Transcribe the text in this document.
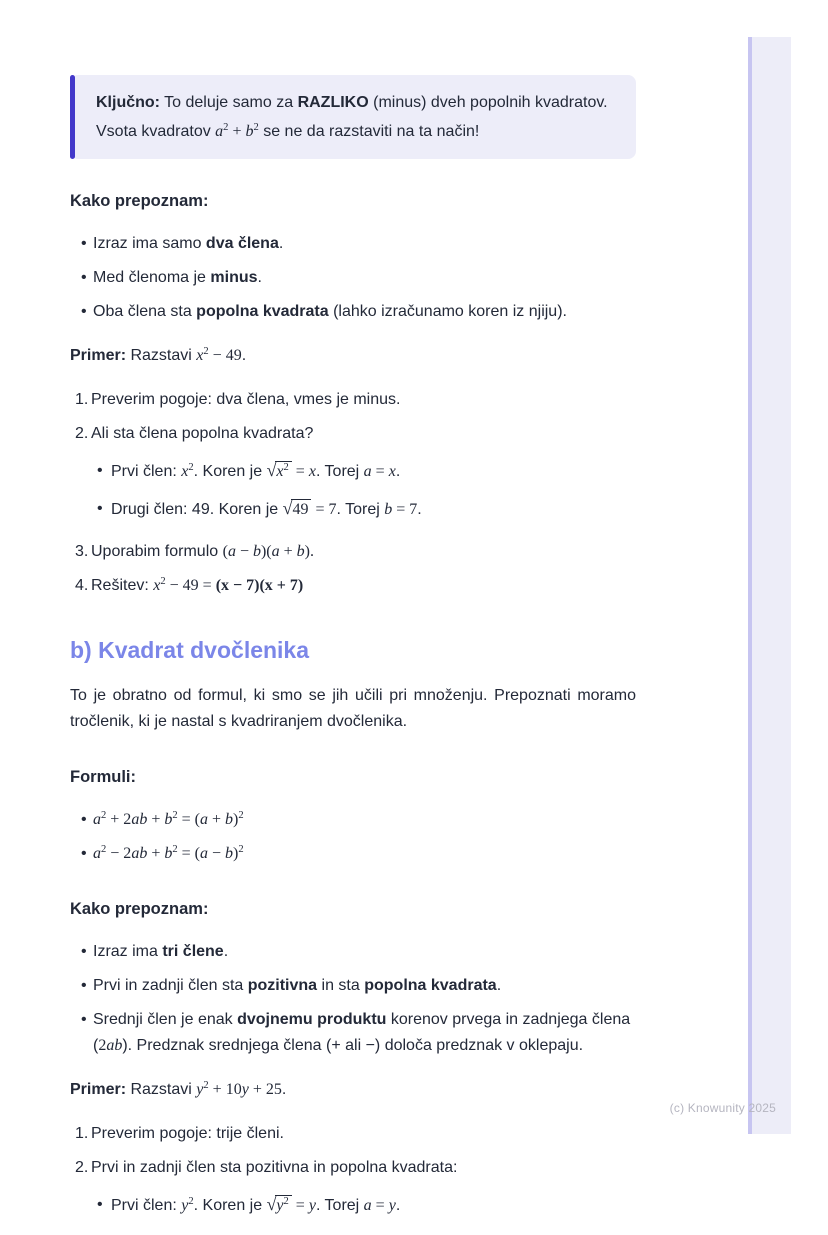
Ključno: To deluje samo za RAZLIKO (minus) dveh popolnih kvadratov. Vsota kvadratov $a^2 + b^2$ se ne da razstaviti na ta način!

Kako prepoznam:
• Izraz ima samo dva člena.
• Med členoma je minus.
• Oba člena sta popolna kvadrata (lahko izračunamo koren iz njiju).

Primer: Razstavi $x^2 - 49$.

1. Preverim pogoje: dva člena, vmes je minus.
2. Ali sta člena popolna kvadrata?
• Prvi člen: $x^2$. Koren je $√x^2 = x$. Torej a = x.
• Drugi člen: 49. Koren je √49 = 7. Torej b = 7.
3. Uporabim formulo (a − b)(a + b).
4. Rešitev: $x^2 - 49 = (x - 7)(x + 7)$
b) Kvadrat dvočlenika

To je obratno od formul, ki smo se jih učili pri množenju. Prepoznati moramo tročlenik, ki je nastal s kvadriranjem dvočlenika.

Formuli:
• $a^2 + 2ab + b^2 = (a + b)^2$
• $a^2 - 2ab + b^2 = (a - b)^2$
Kako prepoznam:
• Izraz ima tri člene.
• Prvi in zadnji člen sta pozitivna in sta popolna kvadrata.
• Srednji člen je enak dvojnemu produktu korenov prvega in zadnjega člena (2ab). Predznak srednjega člena (+ ali −) določa predznak v oklepaju.

Primer: Razstavi $y^2 + 10y + 25$.

1. Preverim pogoje: trije členi.
2. Prvi in zadnji člen sta pozitivna in popolna kvadrata:
• Prvi člen: $y^2$. Koren je $√y^2 = y$. Torej a = y.
(c) Knowunity 2025
